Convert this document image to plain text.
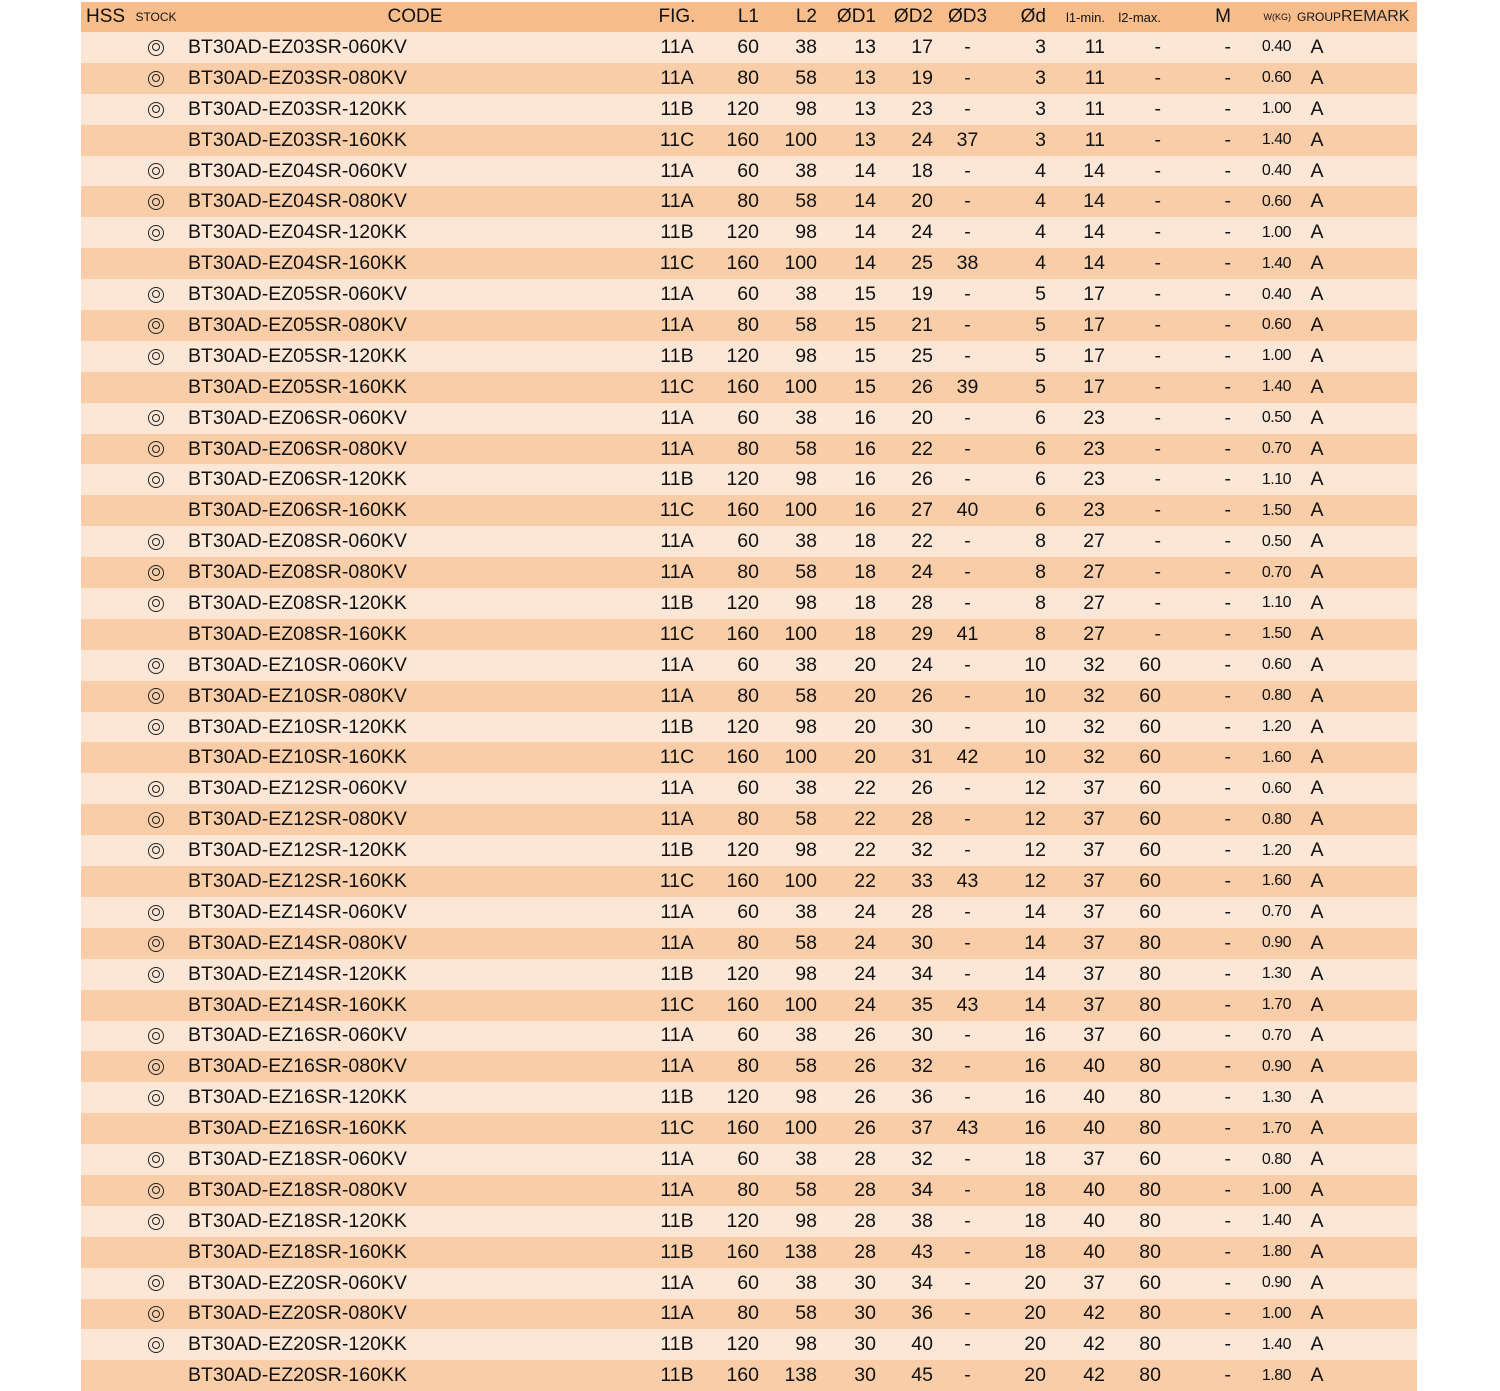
HSS STOCK	CODE	FIG.	L1	L2	ØD1 ØD2 ØD3	Ød	l1-min.	l2-max.	M	W(KG) GROUP REMARK
BT30AD-EZ03SR-060KV	11A	60	38	13	17	-	3	11	-	-	0.40 A
BT30AD-EZ03SR-080KV	11A	80	58	13	19	-	3	11	-	-	0.60 A
BT30AD-EZ03SR-120KK	11B	120	98	13	23	-	3	11	-	-	1.00 A
BT30AD-EZ03SR-160KK	11C	160	100	13	24	37	3	11	-	-	1.40 A
BT30AD-EZ04SR-060KV	11A	60	38	14	18	-	4	14	-	-	0.40 A
BT30AD-EZ04SR-080KV	11A	80	58	14	20	-	4	14	-	-	0.60 A
BT30AD-EZ04SR-120KK	11B	120	98	14	24	-	4	14	-	-	1.00 A
BT30AD-EZ04SR-160KK	11C	160	100	14	25	38	4	14	-	-	1.40 A
BT30AD-EZ05SR-060KV	11A	60	38	15	19	-	5	17	-	-	0.40 A
BT30AD-EZ05SR-080KV	11A	80	58	15	21	-	5	17	-	-	0.60 A
BT30AD-EZ05SR-120KK	11B	120	98	15	25	-	5	17	-	-	1.00 A
BT30AD-EZ05SR-160KK	11C	160	100	15	26	39	5	17	-	-	1.40 A
BT30AD-EZ06SR-060KV	11A	60	38	16	20	-	6	23	-	-	0.50 A
BT30AD-EZ06SR-080KV	11A	80	58	16	22	-	6	23	-	-	0.70 A
BT30AD-EZ06SR-120KK	11B	120	98	16	26	-	6	23	-	-	1.10 A
BT30AD-EZ06SR-160KK	11C	160	100	16	27	40	6	23	-	-	1.50 A
BT30AD-EZ08SR-060KV	11A	60	38	18	22	-	8	27	-	-	0.50 A
BT30AD-EZ08SR-080KV	11A	80	58	18	24	-	8	27	-	-	0.70 A
BT30AD-EZ08SR-120KK	11B	120	98	18	28	-	8	27	-	-	1.10 A
BT30AD-EZ08SR-160KK	11C	160	100	18	29	41	8	27	-	-	1.50 A
BT30AD-EZ10SR-060KV	11A	60	38	20	24	-	10	32	60	-	0.60 A
BT30AD-EZ10SR-080KV	11A	80	58	20	26	-	10	32	60	-	0.80 A
BT30AD-EZ10SR-120KK	11B	120	98	20	30	-	10	32	60	-	1.20 A
BT30AD-EZ10SR-160KK	11C	160	100	20	31	42	10	32	60	-	1.60 A
BT30AD-EZ12SR-060KV	11A	60	38	22	26	-	12	37	60	-	0.60 A
BT30AD-EZ12SR-080KV	11A	80	58	22	28	-	12	37	60	-	0.80 A
BT30AD-EZ12SR-120KK	11B	120	98	22	32	-	12	37	60	-	1.20 A
BT30AD-EZ12SR-160KK	11C	160	100	22	33	43	12	37	60	-	1.60 A
BT30AD-EZ14SR-060KV	11A	60	38	24	28	-	14	37	60	-	0.70 A
BT30AD-EZ14SR-080KV	11A	80	58	24	30	-	14	37	80	-	0.90 A
BT30AD-EZ14SR-120KK	11B	120	98	24	34	-	14	37	80	-	1.30 A
BT30AD-EZ14SR-160KK	11C	160	100	24	35	43	14	37	80	-	1.70 A
BT30AD-EZ16SR-060KV	11A	60	38	26	30	-	16	37	60	-	0.70 A
BT30AD-EZ16SR-080KV	11A	80	58	26	32	-	16	40	80	-	0.90 A
BT30AD-EZ16SR-120KK	11B	120	98	26	36	-	16	40	80	-	1.30 A
BT30AD-EZ16SR-160KK	11C	160	100	26	37	43	16	40	80	-	1.70 A
BT30AD-EZ18SR-060KV	11A	60	38	28	32	-	18	37	60	-	0.80 A
BT30AD-EZ18SR-080KV	11A	80	58	28	34	-	18	40	80	-	1.00 A
BT30AD-EZ18SR-120KK	11B	120	98	28	38	-	18	40	80	-	1.40 A
BT30AD-EZ18SR-160KK	11B	160	138	28	43	-	18	40	80	-	1.80 A
BT30AD-EZ20SR-060KV	11A	60	38	30	34	-	20	37	60	-	0.90 A
BT30AD-EZ20SR-080KV	11A	80	58	30	36	-	20	42	80	-	1.00 A
BT30AD-EZ20SR-120KK	11B	120	98	30	40	-	20	42	80	-	1.40 A
BT30AD-EZ20SR-160KK	11B	160	138	30	45	-	20	42	80	-	1.80 A
